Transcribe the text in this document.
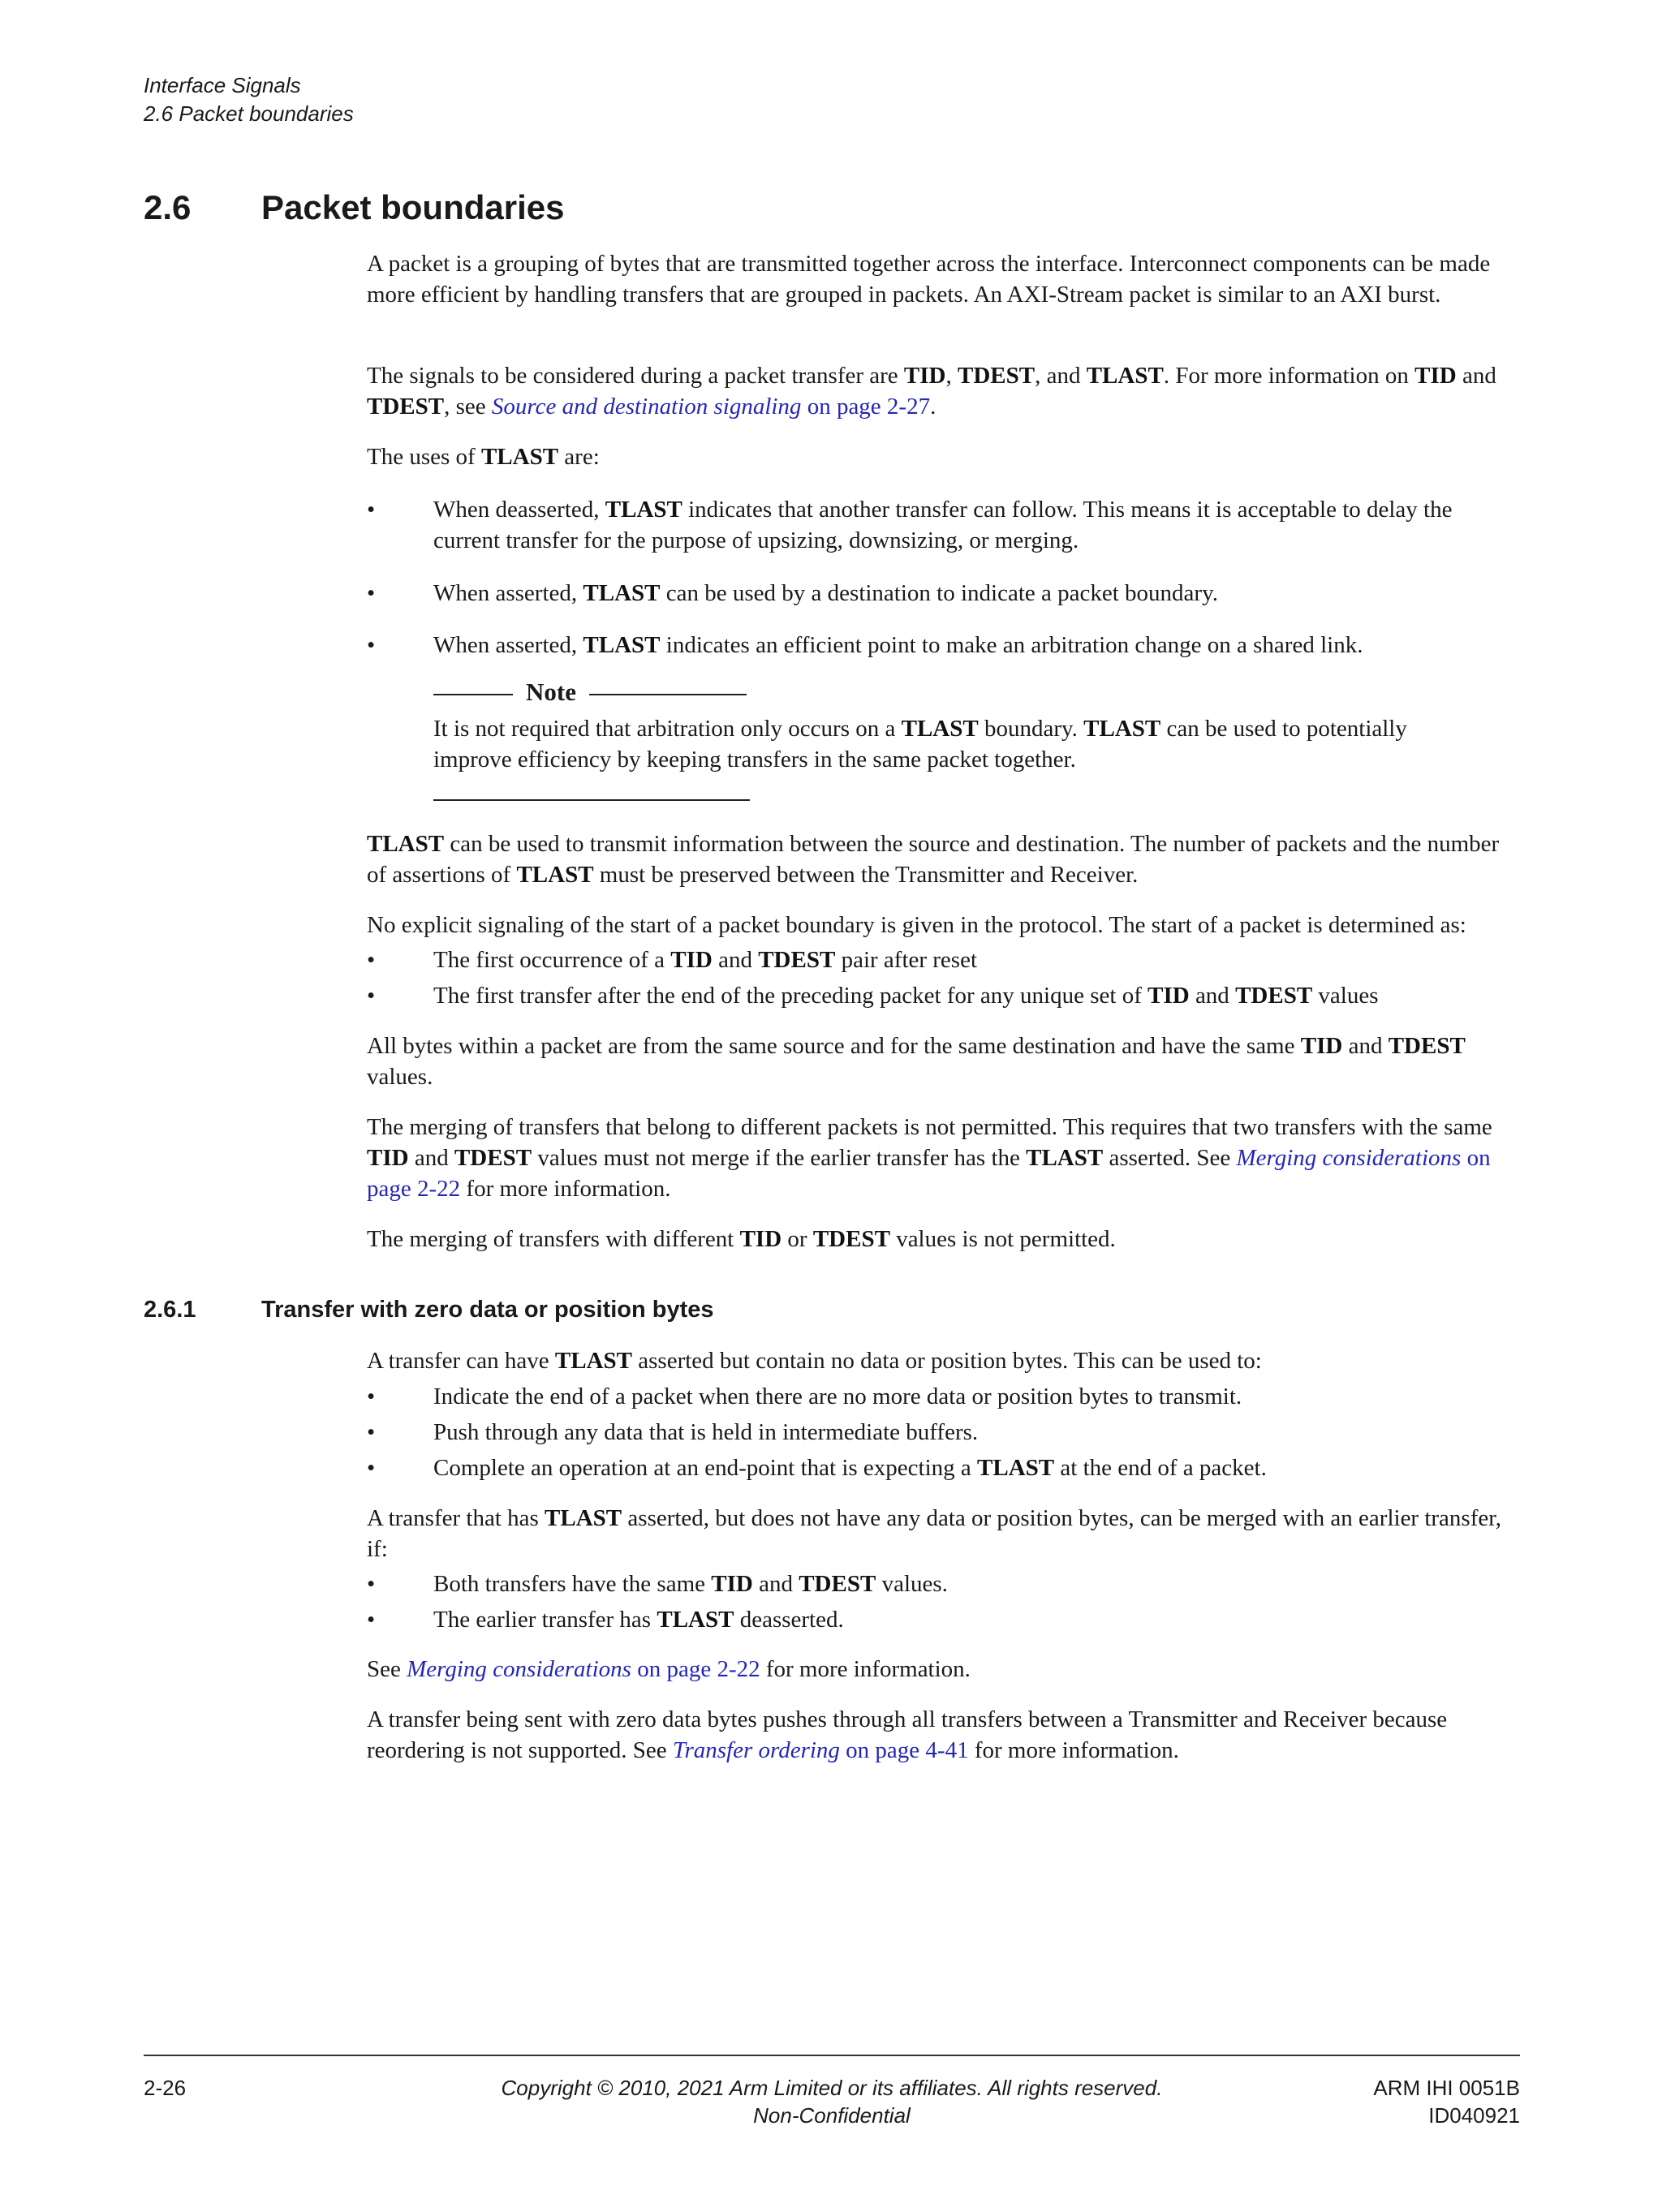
Interface Signals
2.6 Packet boundaries
2.6 Packet boundaries

A packet is a grouping of bytes that are transmitted together across the interface. Interconnect components can be made more efficient by handling transfers that are grouped in packets. An AXI-Stream packet is similar to an AXI burst.

The signals to be considered during a packet transfer are TID, TDEST, and TLAST. For more information on TID and TDEST, see Source and destination signaling on page 2-27.

The uses of TLAST are:

• When deasserted, TLAST indicates that another transfer can follow. This means it is acceptable to delay the current transfer for the purpose of upsizing, downsizing, or merging.
• When asserted, TLAST can be used by a destination to indicate a packet boundary.
• When asserted, TLAST indicates an efficient point to make an arbitration change on a shared link.
Note
It is not required that arbitration only occurs on a TLAST boundary. TLAST can be used to potentially improve efficiency by keeping transfers in the same packet together.

TLAST can be used to transmit information between the source and destination. The number of packets and the number of assertions of TLAST must be preserved between the Transmitter and Receiver.

No explicit signaling of the start of a packet boundary is given in the protocol. The start of a packet is determined as:

• The first occurrence of a TID and TDEST pair after reset
• The first transfer after the end of the preceding packet for any unique set of TID and TDEST values

All bytes within a packet are from the same source and for the same destination and have the same TID and TDEST values.

The merging of transfers that belong to different packets is not permitted. This requires that two transfers with the same TID and TDEST values must not merge if the earlier transfer has the TLAST asserted. See Merging considerations on page 2-22 for more information.

The merging of transfers with different TID or TDEST values is not permitted.

2.6.1	Transfer with zero data or position bytes

A transfer can have TLAST asserted but contain no data or position bytes. This can be used to:

• Indicate the end of a packet when there are no more data or position bytes to transmit.
• Push through any data that is held in intermediate buffers.
• Complete an operation at an end-point that is expecting a TLAST at the end of a packet.

A transfer that has TLAST asserted, but does not have any data or position bytes, can be merged with an earlier transfer, if:

• Both transfers have the same TID and TDEST values.
• The earlier transfer has TLAST deasserted.

See Merging considerations on page 2-22 for more information.

A transfer being sent with zero data bytes pushes through all transfers between a Transmitter and Receiver because reordering is not supported. See Transfer ordering on page 4-41 for more information.

2-26	Copyright © 2010, 2021 Arm Limited or its affiliates. All rights reserved.
Non-Confidential
ARM IHI 0051B
ID040921
